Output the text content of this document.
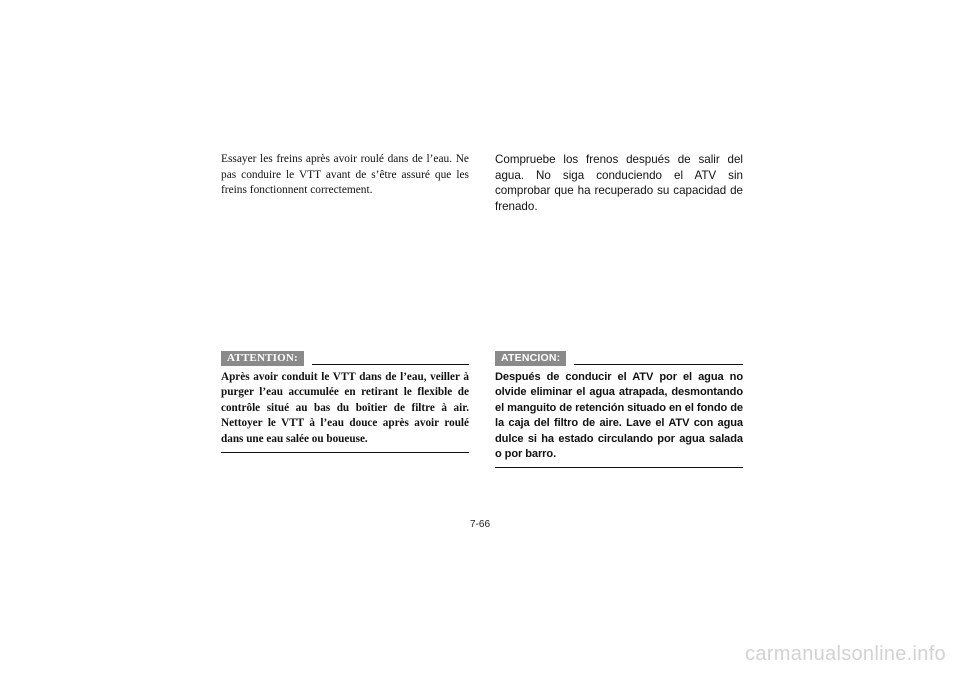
Essayer les freins après avoir roulé dans de l’eau. Ne pas conduire le VTT avant de s’être assuré que les freins fonctionnent correctement.

Compruebe los frenos después de salir del agua. No siga conduciendo el ATV sin comprobar que ha recuperado su capacidad de frenado.

ATTENTION:

Après avoir conduit le VTT dans de l’eau, veiller à purger l’eau accumulée en retirant le flexible de contrôle situé au bas du boîtier de filtre à air. Nettoyer le VTT à l’eau douce après avoir roulé dans une eau salée ou boueuse.

ATENCION:

Después de conducir el ATV por el agua no olvide eliminar el agua atrapada, desmontando el manguito de retención situado en el fondo de la caja del filtro de aire. Lave el ATV con agua dulce si ha estado circulando por agua salada o por barro.

7-66
carmanualsonline.info
